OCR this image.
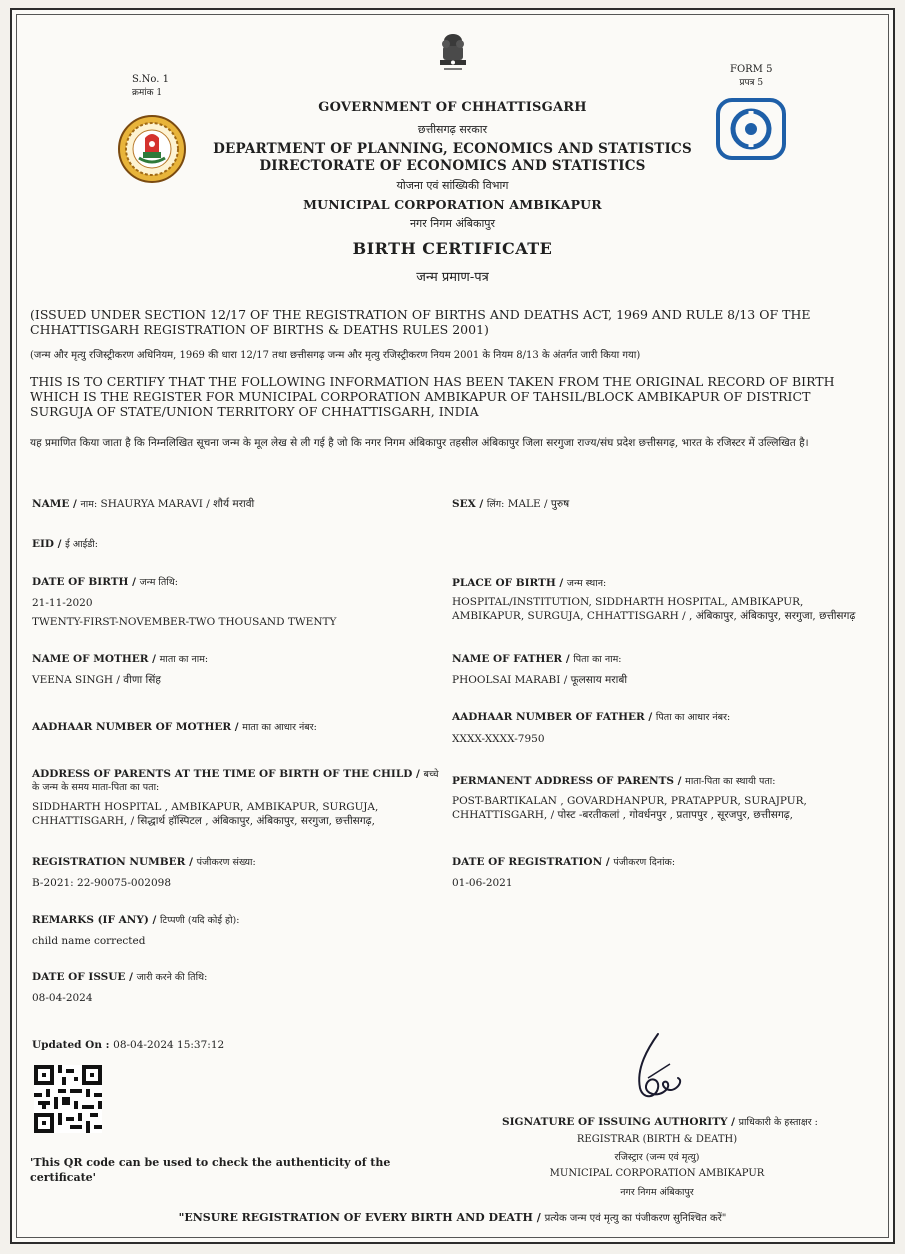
S.No. 1
क्रमांक 1
FORM 5
प्रपत्र 5
GOVERNMENT OF CHHATTISGARH
छत्तीसगढ़ सरकार
DEPARTMENT OF PLANNING, ECONOMICS AND STATISTICS
DIRECTORATE OF ECONOMICS AND STATISTICS
योजना एवं सांख्यिकी विभाग
MUNICIPAL CORPORATION AMBIKAPUR
नगर निगम अंबिकापुर
BIRTH CERTIFICATE
जन्म प्रमाण-पत्र
(ISSUED UNDER SECTION 12/17 OF THE REGISTRATION OF BIRTHS AND DEATHS ACT, 1969 AND RULE 8/13 OF THE CHHATTISGARH REGISTRATION OF BIRTHS & DEATHS RULES 2001)
(जन्म और मृत्यु रजिस्ट्रीकरण अधिनियम, 1969 की धारा 12/17 तथा छत्तीसगढ़ जन्म और मृत्यु रजिस्ट्रीकरण नियम 2001 के नियम 8/13 के अंतर्गत जारी किया गया)
THIS IS TO CERTIFY THAT THE FOLLOWING INFORMATION HAS BEEN TAKEN FROM THE ORIGINAL RECORD OF BIRTH WHICH IS THE REGISTER FOR MUNICIPAL CORPORATION AMBIKAPUR OF TAHSIL/BLOCK AMBIKAPUR OF DISTRICT SURGUJA OF STATE/UNION TERRITORY OF CHHATTISGARH, INDIA
यह प्रमाणित किया जाता है कि निम्नलिखित सूचना जन्म के मूल लेख से ली गई है जो कि नगर निगम अंबिकापुर तहसील अंबिकापुर जिला सरगुजा राज्य/संघ प्रदेश छत्तीसगढ़, भारत के रजिस्टर में उल्लिखित है।
NAME / नाम: SHAURYA MARAVI / शौर्य मरावी	SEX / लिंग: MALE / पुरुष
EID / ई आईडी:
DATE OF BIRTH / जन्म तिथि:
21-11-2020
TWENTY-FIRST-NOVEMBER-TWO THOUSAND TWENTY
PLACE OF BIRTH / जन्म स्थान:
HOSPITAL/INSTITUTION, SIDDHARTH HOSPITAL, AMBIKAPUR,
AMBIKAPUR, SURGUJA, CHHATTISGARH / , अंबिकापुर, अंबिकापुर, सरगुजा, छत्तीसगढ़
NAME OF MOTHER / माता का नाम:
VEENA SINGH / वीणा सिंह
NAME OF FATHER / पिता का नाम:
PHOOLSAI MARABI / फूलसाय मराबी
AADHAAR NUMBER OF MOTHER / माता का आधार नंबर:
AADHAAR NUMBER OF FATHER / पिता का आधार नंबर:
XXXX-XXXX-7950
ADDRESS OF PARENTS AT THE TIME OF BIRTH OF THE CHILD / बच्चे के जन्म के समय माता-पिता का पता:
SIDDHARTH HOSPITAL , AMBIKAPUR, AMBIKAPUR, SURGUJA,
CHHATTISGARH, / सिद्धार्थ हॉस्पिटल , अंबिकापुर, अंबिकापुर, सरगुजा, छत्तीसगढ़,
PERMANENT ADDRESS OF PARENTS / माता-पिता का स्थायी पता:
POST-BARTIKALAN , GOVARDHANPUR, PRATAPPUR, SURAJPUR,
CHHATTISGARH, / पोस्ट -बरतीकलां , गोवर्धनपुर , प्रतापपुर , सूरजपुर, छत्तीसगढ़,
REGISTRATION NUMBER / पंजीकरण संख्या:
B-2021: 22-90075-002098
DATE OF REGISTRATION / पंजीकरण दिनांक:
01-06-2021
REMARKS (IF ANY) / टिप्पणी (यदि कोई हो):
child name corrected
DATE OF ISSUE / जारी करने की तिथि:
08-04-2024
Updated On : 08-04-2024 15:37:12
'This QR code can be used to check the authenticity of the certificate'
SIGNATURE OF ISSUING AUTHORITY / प्राधिकारी के हस्ताक्षर :
REGISTRAR (BIRTH & DEATH)
रजिस्ट्रार (जन्म एवं मृत्यु)
MUNICIPAL CORPORATION AMBIKAPUR
नगर निगम अंबिकापुर
"ENSURE REGISTRATION OF EVERY BIRTH AND DEATH / प्रत्येक जन्म एवं मृत्यु का पंजीकरण सुनिश्चित करें"
